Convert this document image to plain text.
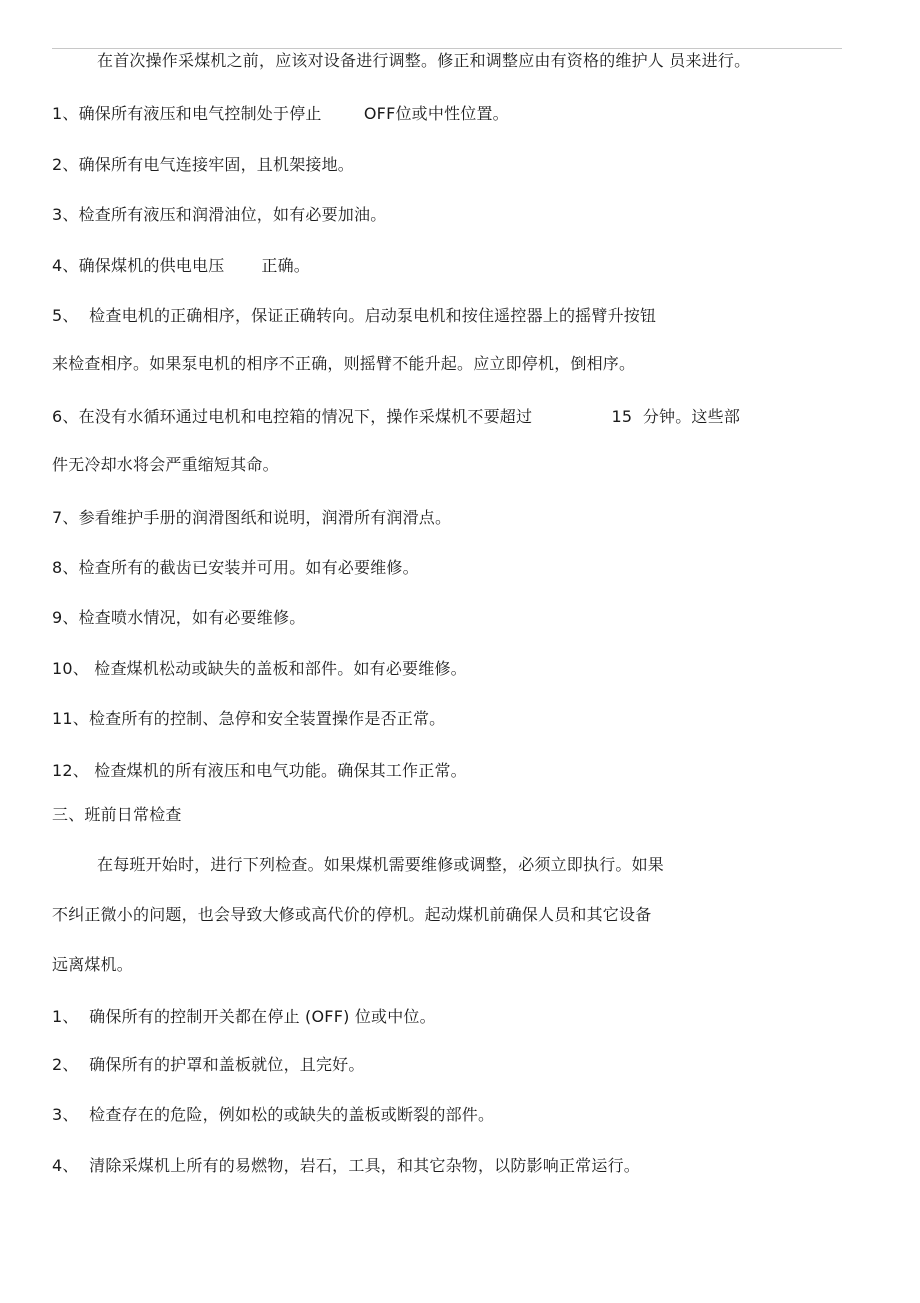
在首次操作采煤机之前，应该对设备进行调整。修正和调整应由有资格的维护人 员来进行。
1、确保所有液压和电气控制处于停止        OFF位或中性位置。
2、确保所有电气连接牢固，且机架接地。
3、检查所有液压和润滑油位，如有必要加油。
4、确保煤机的供电电压       正确。
5、  检查电机的正确相序，保证正确转向。启动泵电机和按住遥控器上的摇臂升按钮
来检查相序。如果泵电机的相序不正确，则摇臂不能升起。应立即停机，倒相序。
6、在没有水循环通过电机和电控箱的情况下，操作采煤机不要超过               15  分钟。这些部
件无冷却水将会严重缩短其命。
7、参看维护手册的润滑图纸和说明，润滑所有润滑点。
8、检查所有的截齿已安装并可用。如有必要维修。
9、检查喷水情况，如有必要维修。
10、 检查煤机松动或缺失的盖板和部件。如有必要维修。
11、检查所有的控制、急停和安全装置操作是否正常。
12、 检查煤机的所有液压和电气功能。确保其工作正常。
三、班前日常检查
在每班开始时，进行下列检查。如果煤机需要维修或调整，必须立即执行。如果
不纠正微小的问题，也会导致大修或高代价的停机。起动煤机前确保人员和其它设备
远离煤机。
1、  确保所有的控制开关都在停止 (OFF) 位或中位。
2、  确保所有的护罩和盖板就位，且完好。
3、  检查存在的危险，例如松的或缺失的盖板或断裂的部件。
4、  清除采煤机上所有的易燃物，岩石，工具，和其它杂物，以防影响正常运行。
